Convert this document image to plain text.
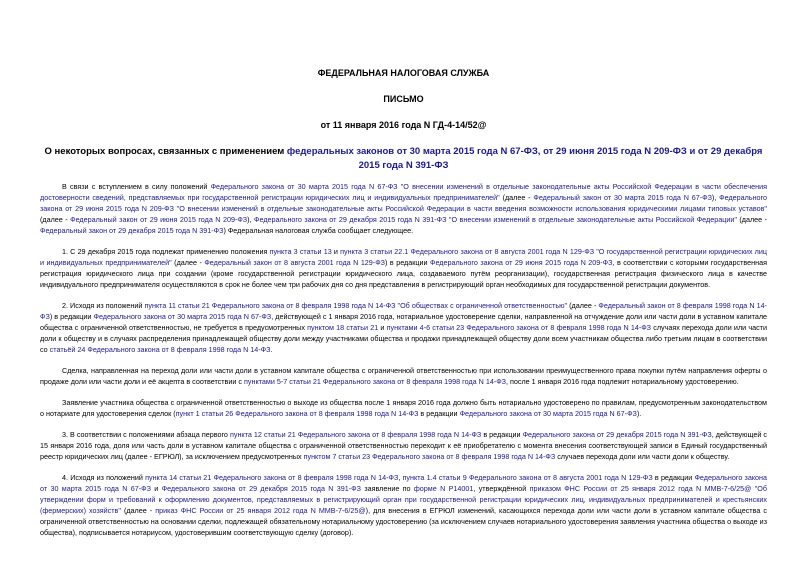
ФЕДЕРАЛЬНАЯ НАЛОГОВАЯ СЛУЖБА
ПИСЬМО
от 11 января 2016 года N ГД-4-14/52@
О некоторых вопросах, связанных с применением федеральных законов от 30 марта 2015 года N 67-ФЗ, от 29 июня 2015 года N 209-ФЗ и от 29 декабря 2015 года N 391-ФЗ

В связи с вступлением в силу положений Федерального закона от 30 марта 2015 года N 67-ФЗ "О внесении изменений в отдельные законодательные акты Российской Федерации в части обеспечения достоверности сведений, представляемых при государственной регистрации юридических лиц и индивидуальных предпринимателей" (далее - Федеральный закон от 30 марта 2015 года N 67-ФЗ), Федерального закона от 29 июня 2015 года N 209-ФЗ "О внесении изменений в отдельные законодательные акты Российской Федерации в части введения возможности использования юридическими лицами типовых уставов" (далее - Федеральный закон от 29 июня 2015 года N 209-ФЗ), Федерального закона от 29 декабря 2015 года N 391-ФЗ "О внесении изменений в отдельные законодательные акты Российской Федерации" (далее - Федеральный закон от 29 декабря 2015 года N 391-ФЗ) Федеральная налоговая служба сообщает следующее.

1. С 29 декабря 2015 года подлежат применению положения пункта 3 статьи 13 и пункта 3 статьи 22.1 Федерального закона от 8 августа 2001 года N 129-ФЗ "О государственной регистрации юридических лиц и индивидуальных предпринимателей" (далее - Федеральный закон от 8 августа 2001 года N 129-ФЗ) в редакции Федерального закона от 29 июня 2015 года N 209-ФЗ, в соответствии с которыми государственная регистрация юридического лица при создании (кроме государственной регистрации юридического лица, создаваемого путём реорганизации), государственная регистрация физического лица в качестве индивидуального предпринимателя осуществляются в срок не более чем три рабочих дня со дня представления в регистрирующий орган необходимых для государственной регистрации документов.

2. Исходя из положений пункта 11 статьи 21 Федерального закона от 8 февраля 1998 года N 14-ФЗ "Об обществах с ограниченной ответственностью" (далее - Федеральный закон от 8 февраля 1998 года N 14-ФЗ) в редакции Федерального закона от 30 марта 2015 года N 67-ФЗ, действующей с 1 января 2016 года, нотариальное удостоверение сделки, направленной на отчуждение доли или части доли в уставном капитале общества с ограниченной ответственностью, не требуется в предусмотренных пунктом 18 статьи 21 и пунктами 4-6 статьи 23 Федерального закона от 8 февраля 1998 года N 14-ФЗ случаях перехода доли или части доли к обществу и в случаях распределения принадлежащей обществу доли между участниками общества и продажи принадлежащей обществу доли всем участникам общества либо третьим лицам в соответствии со статьёй 24 Федерального закона от 8 февраля 1998 года N 14-ФЗ.

Сделка, направленная на переход доли или части доли в уставном капитале общества с ограниченной ответственностью при использовании преимущественного права покупки путём направления оферты о продаже доли или части доли и её акцепта в соответствии с пунктами 5-7 статьи 21 Федерального закона от 8 февраля 1998 года N 14-ФЗ, после 1 января 2016 года подлежит нотариальному удостоверению.

Заявление участника общества с ограниченной ответственностью о выходе из общества после 1 января 2016 года должно быть нотариально удостоверено по правилам, предусмотренным законодательством о нотариате для удостоверения сделок (пункт 1 статьи 26 Федерального закона от 8 февраля 1998 года N 14-ФЗ в редакции Федерального закона от 30 марта 2015 года N 67-ФЗ).

3. В соответствии с положениями абзаца первого пункта 12 статьи 21 Федерального закона от 8 февраля 1998 года N 14-ФЗ в редакции Федерального закона от 29 декабря 2015 года N 391-ФЗ, действующей с 15 января 2016 года, доля или часть доли в уставном капитале общества с ограниченной ответственностью переходит к её приобретателю с момента внесения соответствующей записи в Единый государственный реестр юридических лиц (далее - ЕГРЮЛ), за исключением предусмотренных пунктом 7 статьи 23 Федерального закона от 8 февраля 1998 года N 14-ФЗ случаев перехода доли или части доли к обществу.

4. Исходя из положений пункта 14 статьи 21 Федерального закона от 8 февраля 1998 года N 14-ФЗ, пункта 1.4 статьи 9 Федерального закона от 8 августа 2001 года N 129-ФЗ в редакции Федерального закона от 30 марта 2015 года N 67-ФЗ и Федерального закона от 29 декабря 2015 года N 391-ФЗ заявление по форме N Р14001, утверждённой приказом ФНС России от 25 января 2012 года N ММВ-7-6/25@ "Об утверждении форм и требований к оформлению документов, представляемых в регистрирующий орган при государственной регистрации юридических лиц, индивидуальных предпринимателей и крестьянских (фермерских) хозяйств" (далее - приказ ФНС России от 25 января 2012 года N ММВ-7-6/25@), для внесения в ЕГРЮЛ изменений, касающихся перехода доли или части доли в уставном капитале общества с ограниченной ответственностью на основании сделки, подлежащей обязательному нотариальному удостоверению (за исключением случаев нотариального удостоверения заявления участника общества о выходе из общества), подписывается нотариусом, удостоверившим соответствующую сделку (договор).
